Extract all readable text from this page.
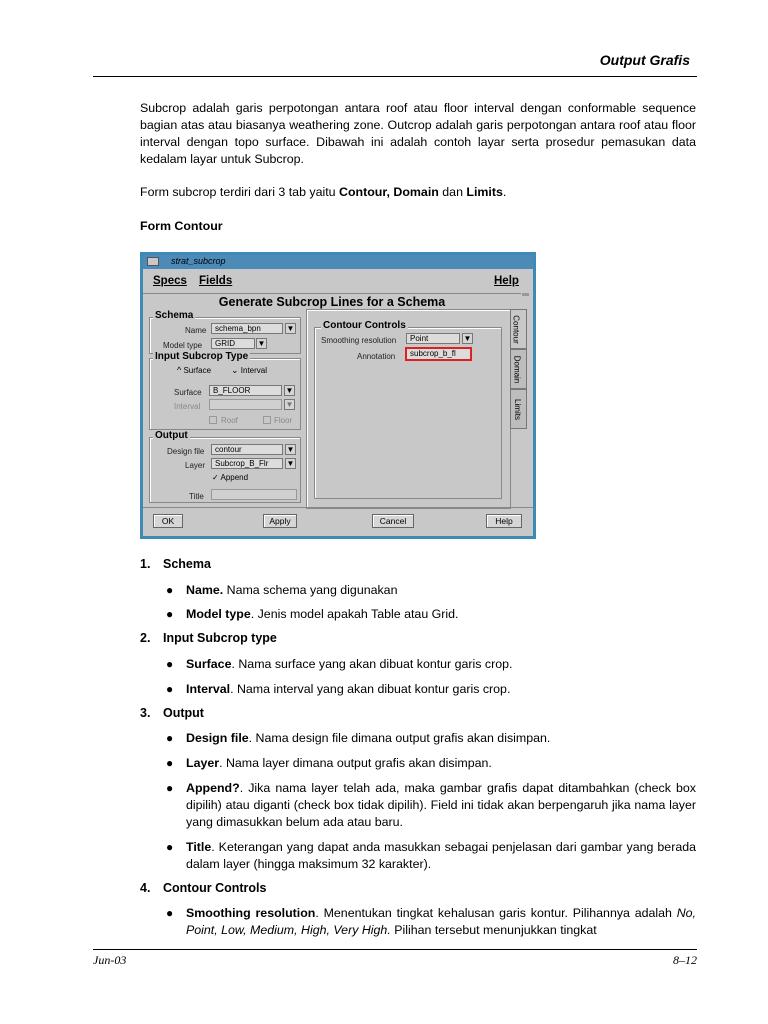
Output Grafis
Subcrop adalah garis perpotongan antara roof atau floor interval dengan conformable sequence bagian atas atau biasanya weathering zone. Outcrop adalah garis perpotongan antara roof atau floor interval dengan topo surface. Dibawah ini adalah contoh layar serta prosedur pemasukan data kedalam layar untuk Subcrop.
Form subcrop terdiri dari 3 tab yaitu Contour, Domain dan Limits.
Form Contour
strat_subcrop
Specs Fields	Help
Generate Subcrop Lines for a Schema
Schema
Name	schema_bpn	▼
Model type	GRID	▼
Input Subcrop Type
^ Surface ⌄ Interval
Surface	B_FLOOR	▼
Interval	▼
Roof	Floor
Output
Design file	contour	▼
Layer	Subcrop_B_Flr	▼
✓ Append
Title
Contour Controls
Smoothing resolution	Point	▼
Annotation	subcrop_b_fl
Contour
Domain
Limits
OK	Apply	Cancel	Help
1. Schema
● Name. Nama schema yang digunakan
● Model type. Jenis model apakah Table atau Grid.
2. Input Subcrop type
● Surface. Nama surface yang akan dibuat kontur garis crop.
● Interval. Nama interval yang akan dibuat kontur garis crop.
3. Output
● Design file. Nama design file dimana output grafis akan disimpan.
● Layer. Nama layer dimana output grafis akan disimpan.
● Append?. Jika nama layer telah ada, maka gambar grafis dapat ditambahkan (check box dipilih) atau diganti (check box tidak dipilih). Field ini tidak akan berpengaruh jika nama layer yang dimasukkan belum ada atau baru.
● Title. Keterangan yang dapat anda masukkan sebagai penjelasan dari gambar yang berada dalam layer (hingga maksimum 32 karakter).
4. Contour Controls
● Smoothing resolution. Menentukan tingkat kehalusan garis kontur. Pilihannya adalah No, Point, Low, Medium, High, Very High. Pilihan tersebut menunjukkan tingkat
Jun-03	8–12
